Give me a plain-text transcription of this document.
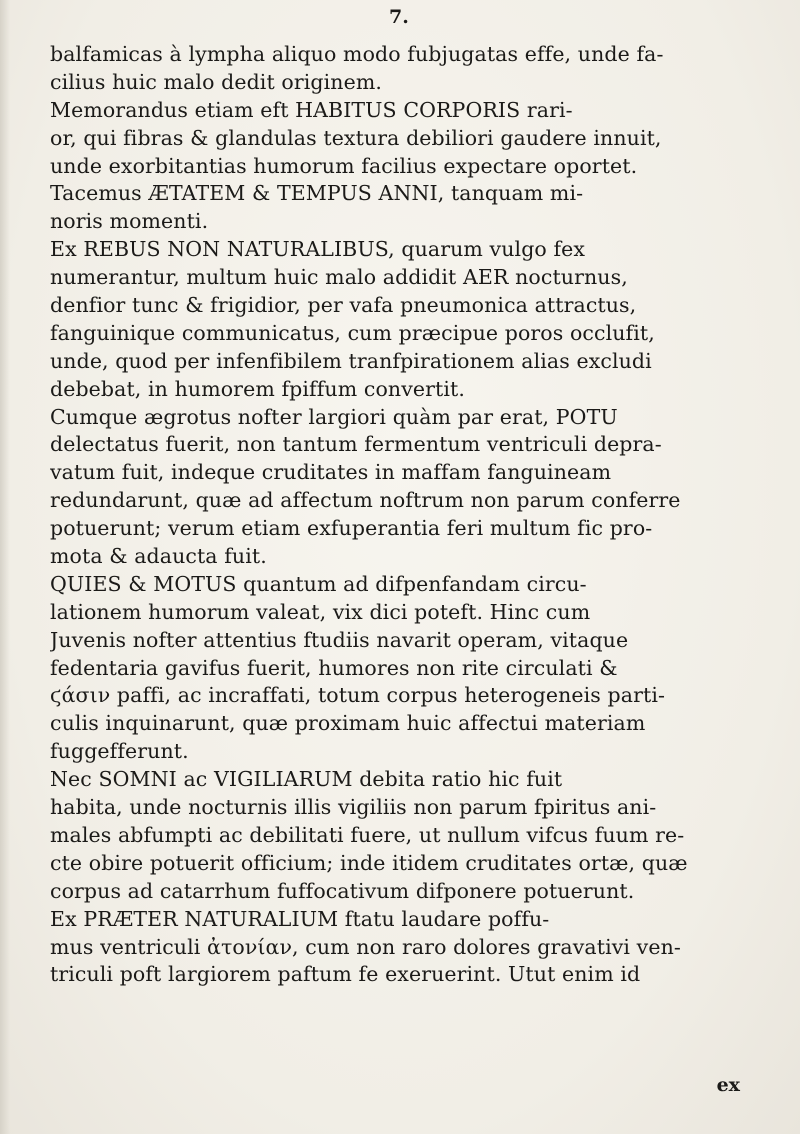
7.
balfamicas à lympha aliquo modo fubjugatas effe, unde fa-
cilius huic malo dedit originem.
Memorandus etiam eft HABITUS CORPORIS rari-
or, qui fibras & glandulas textura debiliori gaudere innuit,
unde exorbitantias humorum facilius expectare oportet.
Tacemus ÆTATEM & TEMPUS ANNI, tanquam mi-
noris momenti.
Ex REBUS NON NATURALIBUS, quarum vulgo fex
numerantur, multum huic malo addidit AER nocturnus,
denfior tunc & frigidior, per vafa pneumonica attractus,
fanguinique communicatus, cum præcipue poros occlufit,
unde, quod per infenfibilem tranfpirationem alias excludi
debebat, in humorem fpiffum convertit.
Cumque ægrotus nofter largiori quàm par erat, POTU
delectatus fuerit, non tantum fermentum ventriculi depra-
vatum fuit, indeque cruditates in maffam fanguineam
redundarunt, quæ ad affectum noftrum non parum conferre
potuerunt; verum etiam exfuperantia feri multum fic pro-
mota & adaucta fuit.
QUIES & MOTUS quantum ad difpenfandam circu-
lationem humorum valeat, vix dici poteft. Hinc cum
Juvenis nofter attentius ftudiis navarit operam, vitaque
fedentaria gavifus fuerit, humores non rite circulati &
ϛάσιν paffi, ac incraffati, totum corpus heterogeneis parti-
culis inquinarunt, quæ proximam huic affectui materiam
fuggefferunt.
Nec SOMNI ac VIGILIARUM debita ratio hic fuit
habita, unde nocturnis illis vigiliis non parum fpiritus ani-
males abfumpti ac debilitati fuere, ut nullum vifcus fuum re-
cte obire potuerit officium; inde itidem cruditates ortæ, quæ
corpus ad catarrhum fuffocativum difponere potuerunt.
Ex PRÆTER NATURALIUM ftatu laudare poffu-
mus ventriculi ἀτονίαν, cum non raro dolores gravativi ven-
triculi poft largiorem paftum fe exeruerint. Utut enim id
ex
